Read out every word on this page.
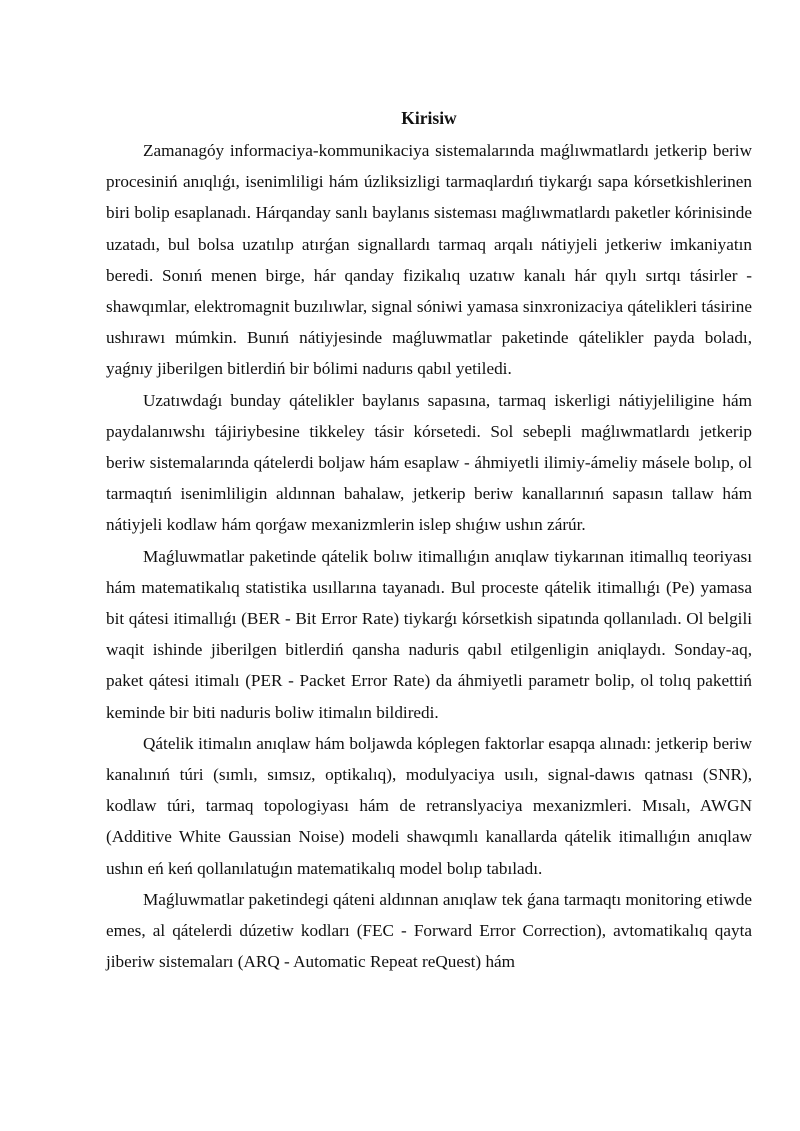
Kirisiw

Zamanagóy informaciya-kommunikaciya sistemalarında maǵlıwmatlardı jetkerip beriw procesiniń anıqlıǵı, isenimliligi hám úzliksizligi tarmaqlardıń tiykarǵı sapa kórsetkishlerinen biri bolip esaplanadı. Hárqanday sanlı baylanıs sisteması maǵlıwmatlardı paketler kórinisinde uzatadı, bul bolsa uzatılıp atırǵan signallardı tarmaq arqalı nátiyjeli jetkeriw imkaniyatın beredi. Sonıń menen birge, hár qanday fizikalıq uzatıw kanalı hár qıylı sırtqı tásirler - shawqımlar, elektromagnit buzılıwlar, signal sóniwi yamasa sinxronizaciya qátelikleri tásirine ushırawı múmkin. Bunıń nátiyjesinde maǵluwmatlar paketinde qátelikler payda boladı, yaǵnıy jiberilgen bitlerdiń bir bólimi nadurıs qabıl yetiledi.

Uzatıwdaǵı bunday qátelikler baylanıs sapasına, tarmaq iskerligi nátiyjeliligine hám paydalanıwshı tájiriybesine tikkeley tásir kórsetedi. Sol sebepli maǵlıwmatlardı jetkerip beriw sistemalarında qátelerdi boljaw hám esaplaw - áhmiyetli ilimiy-ámeliy másele bolıp, ol tarmaqtıń isenimliligin aldınnan bahalaw, jetkerip beriw kanallarınıń sapasın tallaw hám nátiyjeli kodlaw hám qorǵaw mexanizmlerin islep shıǵıw ushın zárúr.

Maǵluwmatlar paketinde qátelik bolıw itimallıǵın anıqlaw tiykarınan itimallıq teoriyası hám matematikalıq statistika usıllarına tayanadı. Bul proceste qátelik itimallıǵı (Pe) yamasa bit qátesi itimallıǵı (BER - Bit Error Rate) tiykarǵı kórsetkish sipatında qollanıladı. Ol belgili waqit ishinde jiberilgen bitlerdiń qansha naduris qabıl etilgenligin aniqlaydı. Sonday-aq, paket qátesi itimalı (PER - Packet Error Rate) da áhmiyetli parametr bolip, ol tolıq pakettiń keminde bir biti naduris boliw itimalın bildiredi.

Qátelik itimalın anıqlaw hám boljawda kóplegen faktorlar esapqa alınadı: jetkerip beriw kanalınıń túri (sımlı, sımsız, optikalıq), modulyaciya usılı, signal-dawıs qatnası (SNR), kodlaw túri, tarmaq topologiyası hám de retranslyaciya mexanizmleri. Mısalı, AWGN (Additive White Gaussian Noise) modeli shawqımlı kanallarda qátelik itimallıǵın anıqlaw ushın eń keń qollanılatuǵın matematikalıq model bolıp tabıladı.

Maǵluwmatlar paketindegi qáteni aldınnan anıqlaw tek ǵana tarmaqtı monitoring etiwde emes, al qátelerdi dúzetiw kodları (FEC - Forward Error Correction), avtomatikalıq qayta jiberiw sistemaları (ARQ - Automatic Repeat reQuest) hám
